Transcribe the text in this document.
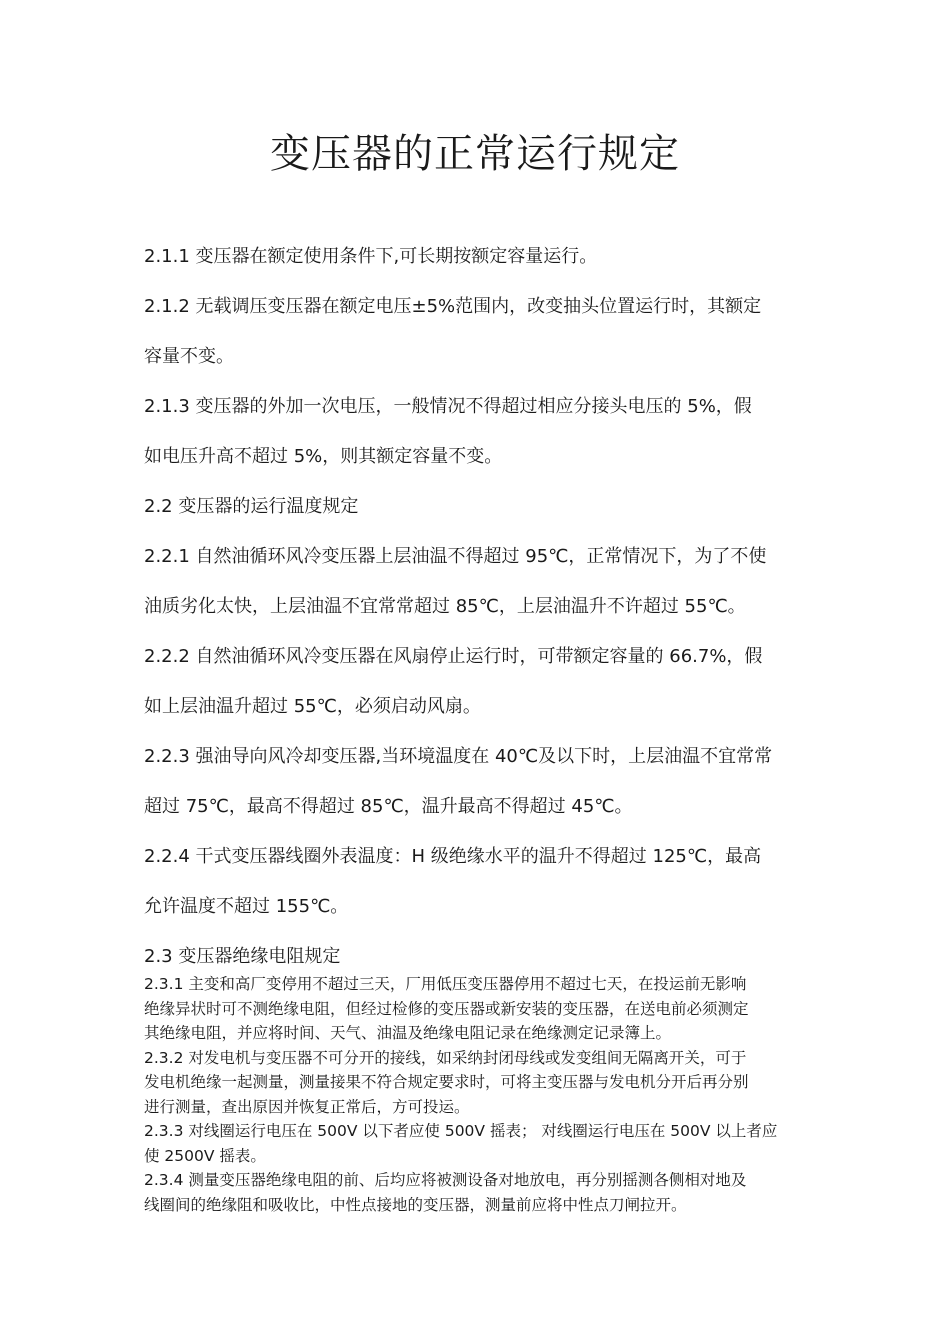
变压器的正常运行规定

2.1.1 变压器在额定使用条件下,可长期按额定容量运行。

2.1.2 无载调压变压器在额定电压±5%范围内，改变抽头位置运行时，其额定

容量不变。

2.1.3 变压器的外加一次电压，一般情况不得超过相应分接头电压的 5%，假

如电压升高不超过 5%，则其额定容量不变。

2.2 变压器的运行温度规定

2.2.1 自然油循环风冷变压器上层油温不得超过 95℃，正常情况下，为了不使

油质劣化太快，上层油温不宜常常超过 85℃，上层油温升不许超过 55℃。

2.2.2 自然油循环风冷变压器在风扇停止运行时，可带额定容量的 66.7%，假

如上层油温升超过 55℃，必须启动风扇。

2.2.3 强油导向风冷却变压器,当环境温度在 40℃及以下时，上层油温不宜常常

超过 75℃，最高不得超过 85℃，温升最高不得超过 45℃。

2.2.4 干式变压器线圈外表温度：H 级绝缘水平的温升不得超过 125℃，最高

允许温度不超过 155℃。

2.3 变压器绝缘电阻规定

2.3.1 主变和高厂变停用不超过三天，厂用低压变压器停用不超过七天，在投运前无影响

绝缘异状时可不测绝缘电阻，但经过检修的变压器或新安装的变压器，在送电前必须测定

其绝缘电阻，并应将时间、天气、油温及绝缘电阻记录在绝缘测定记录簿上。

2.3.2 对发电机与变压器不可分开的接线，如采纳封闭母线或发变组间无隔离开关，可于

发电机绝缘一起测量，测量接果不符合规定要求时，可将主变压器与发电机分开后再分别

进行测量，查出原因并恢复正常后，方可投运。

2.3.3 对线圈运行电压在 500V 以下者应使 500V 摇表； 对线圈运行电压在 500V 以上者应

使 2500V 摇表。

2.3.4 测量变压器绝缘电阻的前、后均应将被测设备对地放电，再分别摇测各侧相对地及

线圈间的绝缘阻和吸收比，中性点接地的变压器，测量前应将中性点刀闸拉开。
